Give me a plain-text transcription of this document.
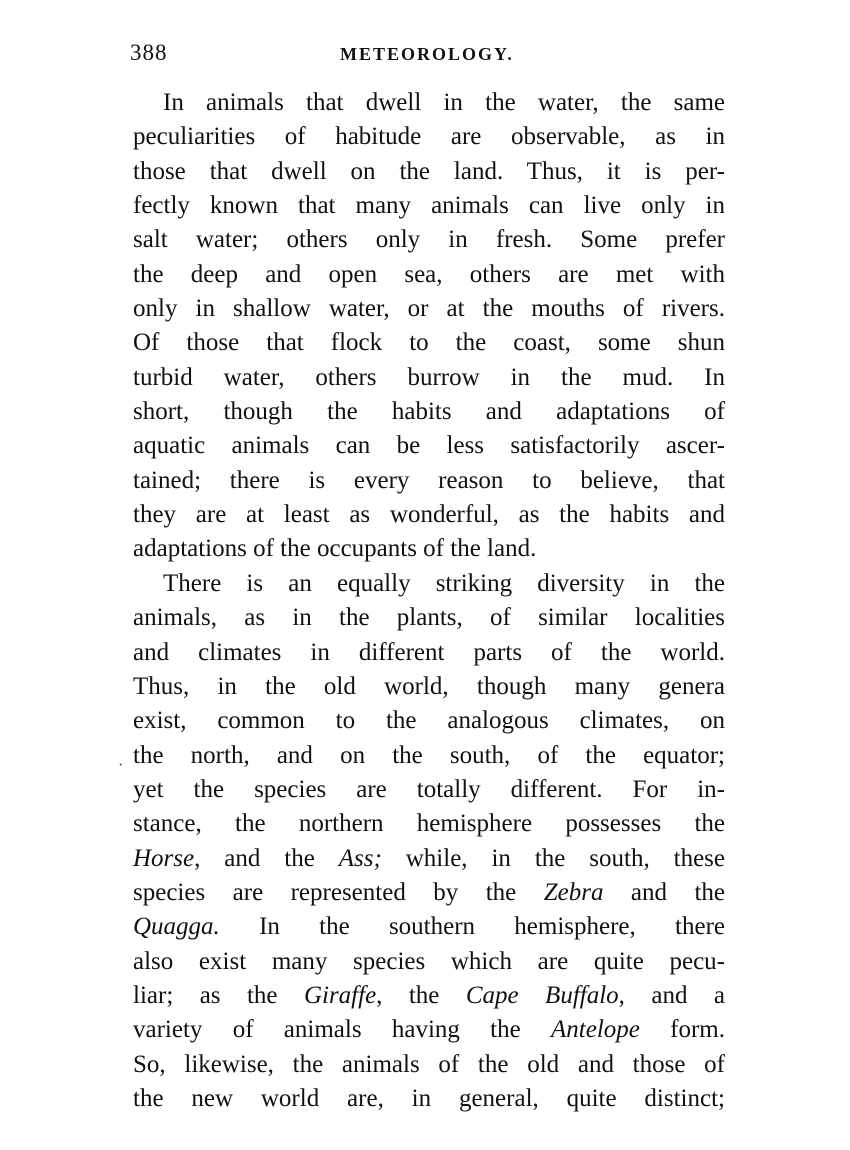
388	METEOROLOGY.
·
In animals that dwell in the water, the same
peculiarities of habitude are observable, as in
those that dwell on the land. Thus, it is per-
fectly known that many animals can live only in
salt water; others only in fresh. Some prefer
the deep and open sea, others are met with
only in shallow water, or at the mouths of rivers.
Of those that flock to the coast, some shun
turbid water, others burrow in the mud. In
short, though the habits and adaptations of
aquatic animals can be less satisfactorily ascer-
tained; there is every reason to believe, that
they are at least as wonderful, as the habits and
adaptations of the occupants of the land.
There is an equally striking diversity in the
animals, as in the plants, of similar localities
and climates in different parts of the world.
Thus, in the old world, though many genera
exist, common to the analogous climates, on
the north, and on the south, of the equator;
yet the species are totally different. For in-
stance, the northern hemisphere possesses the
Horse, and the Ass; while, in the south, these
species are represented by the Zebra and the
Quagga. In the southern hemisphere, there
also exist many species which are quite pecu-
liar; as the Giraffe, the Cape Buffalo, and a
variety of animals having the Antelope form.
So, likewise, the animals of the old and those of
the new world are, in general, quite distinct;
